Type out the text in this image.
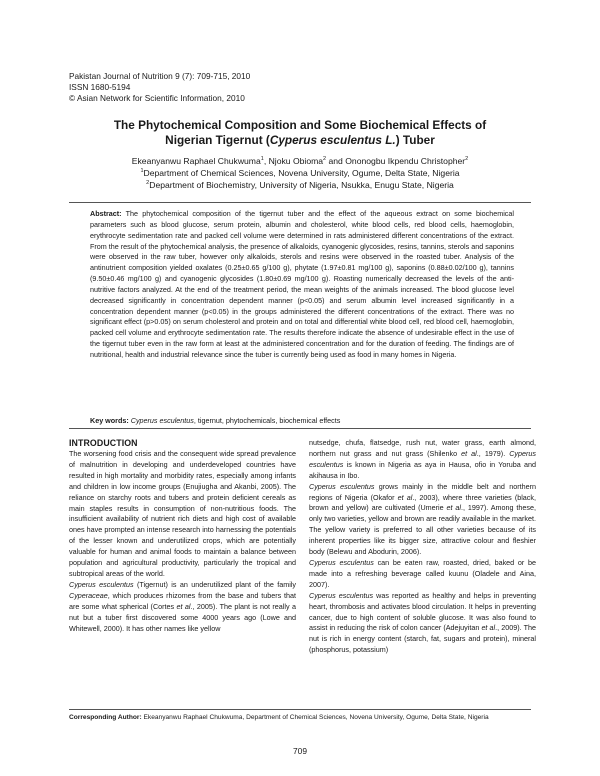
Pakistan Journal of Nutrition 9 (7): 709-715, 2010
ISSN 1680-5194
© Asian Network for Scientific Information, 2010
The Phytochemical Composition and Some Biochemical Effects of
Nigerian Tigernut (Cyperus esculentus L.) Tuber
Ekeanyanwu Raphael Chukwuma$^1$, Njoku Obioma$^2$ and Ononogbu Ikpendu Christopher$^2$
$^1$Department of Chemical Sciences, Novena University, Ogume, Delta State, Nigeria
$^2$Department of Biochemistry, University of Nigeria, Nsukka, Enugu State, Nigeria
Abstract: The phytochemical composition of the tigernut tuber and the effect of the aqueous extract on some biochemical parameters such as blood glucose, serum protein, albumin and cholesterol, white blood cells, red blood cells, haemoglobin, erythrocyte sedimentation rate and packed cell volume were determined in rats administered different concentrations of the extract. From the result of the phytochemical analysis, the presence of alkaloids, cyanogenic glycosides, resins, tannins, sterols and saponins were observed in the raw tuber, however only alkaloids, sterols and resins were observed in the roasted tuber. Analysis of the antinutrient composition yielded oxalates (0.25±0.65 g/100 g), phytate (1.97±0.81 mg/100 g), saponins (0.88±0.02/100 g), tannins (9.50±0.46 mg/100 g) and cyanogenic glycosides (1.80±0.69 mg/100 g). Roasting numerically decreased the levels of the anti-nutritive factors analyzed. At the end of the treatment period, the mean weights of the animals increased. The blood glucose level decreased significantly in concentration dependent manner (p<0.05) and serum albumin level increased significantly in a concentration dependent manner (p<0.05) in the groups administered the different concentrations of the extract. There was no significant effect (p>0.05) on serum cholesterol and protein and on total and differential white blood cell, red blood cell, haemoglobin, packed cell volume and erythrocyte sedimentation rate. The results therefore indicate the absence of undesirable effect in the use of the tigernut tuber even in the raw form at least at the administered concentration and for the duration of feeding. The findings are of nutritional, health and industrial relevance since the tuber is currently being used as food in many homes in Nigeria.
Key words: Cyperus esculentus, tigernut, phytochemicals, biochemical effects
INTRODUCTION

The worsening food crisis and the consequent wide spread prevalence of malnutrition in developing and underdeveloped countries have resulted in high mortality and morbidity rates, especially among infants and children in low income groups (Enujiugha and Akanbi, 2005). The reliance on starchy roots and tubers and protein deficient cereals as main staples results in consumption of non-nutritious foods. The insufficient availability of nutrient rich diets and high cost of available ones have prompted an intense research into harnessing the potentials of the lesser known and underutilized crops, which are potentially valuable for human and animal foods to maintain a balance between population and agricultural productivity, particularly the tropical and subtropical areas of the world.

Cyperus esculentus (Tigernut) is an underutilized plant of the family Cyperaceae, which produces rhizomes from the base and tubers that are some what spherical (Cortes et al., 2005). The plant is not really a nut but a tuber first discovered some 4000 years ago (Lowe and Whitewell, 2000). It has other names like yellow

nutsedge, chufa, flatsedge, rush nut, water grass, earth almond, northern nut grass and nut grass (Shilenko et al., 1979). Cyperus esculentus is known in Nigeria as aya in Hausa, ofio in Yoruba and akihausa in Ibo.

Cyperus esculentus grows mainly in the middle belt and northern regions of Nigeria (Okafor et al., 2003), where three varieties (black, brown and yellow) are cultivated (Umerie et al., 1997). Among these, only two varieties, yellow and brown are readily available in the market. The yellow variety is preferred to all other varieties because of its inherent properties like its bigger size, attractive colour and fleshier body (Belewu and Abodurin, 2006).

Cyperus esculentus can be eaten raw, roasted, dried, baked or be made into a refreshing beverage called kuunu (Oladele and Aina, 2007).

Cyperus esculentus was reported as healthy and helps in preventing heart, thrombosis and activates blood circulation. It helps in preventing cancer, due to high content of soluble glucose. It was also found to assist in reducing the risk of colon cancer (Adejuyitan et al., 2009). The nut is rich in energy content (starch, fat, sugars and protein), mineral (phosphorus, potassium)

Corresponding Author: Ekeanyanwu Raphael Chukwuma, Department of Chemical Sciences, Novena University, Ogume, Delta State, Nigeria
709
